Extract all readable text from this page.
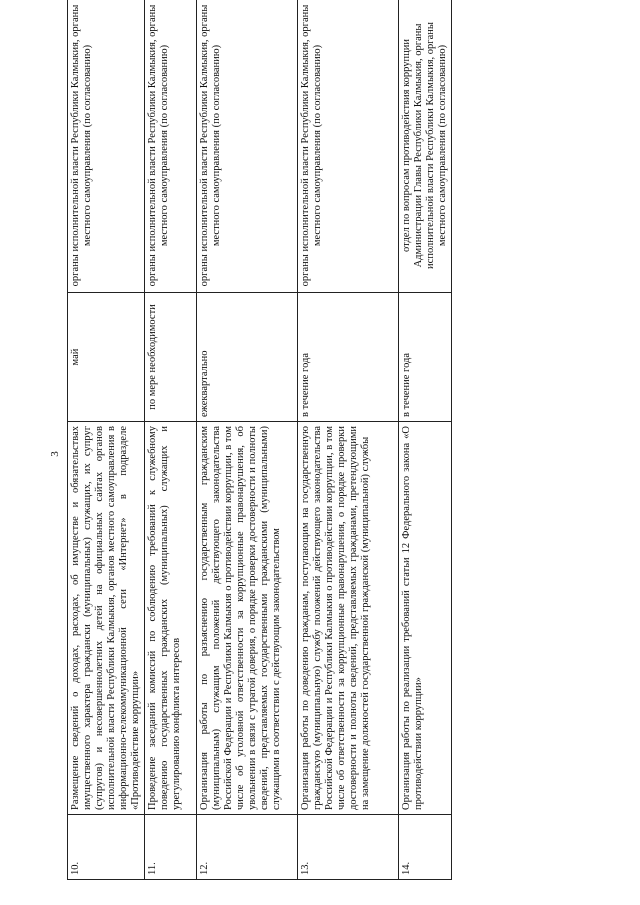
3
10.	Размещение сведений о доходах, расходах, об имуществе и обязательствах имущественного характера граждански (муниципальных) служащих, их супруг (супругов) и несовершеннолетних детей на официальных сайтах органов исполнительной власти Республики Калмыкия, органов местного самоуправления в информационно-телекоммуникационной сети «Интернет» в подразделе «Противодействие коррупции»	май	органы исполнительной власти Республики Калмыкия, органы местного самоуправления (по согласованию)
11.	Проведение заседаний комиссий по соблюдению требований к служебному поведению государственных гражданских (муниципальных) служащих и урегулированию конфликта интересов	по мере необходимости	органы исполнительной власти Республики Калмыкия, органы местного самоуправления (по согласованию)
12.	Организация работы по разъяснению государственным гражданским (муниципальным) служащим положений действующего законодательства Российской Федерации и Республики Калмыкия о противодействии коррупции, в том числе об уголовной ответственности за коррупционные правонарушения, об увольнении в связи с утратой доверия, о порядке проверки достоверности и полноты сведений, представляемых государственными гражданскими (муниципальными) служащими в соответствии с действующим законодательством	ежеквартально	органы исполнительной власти Республики Калмыкия, органы местного самоуправления (по согласованию)
13.	Организация работы по доведению гражданам, поступающим на государственную гражданскую (муниципальную) службу положений действующего законодательства Российской Федерации и Республики Калмыкия о противодействии коррупции, в том числе об ответственности за коррупционные правонарушения, о порядке проверки достоверности и полноты сведений, представляемых гражданами, претендующими на замещение должностей государственной гражданской (муниципальной) службы	в течение года	органы исполнительной власти Республики Калмыкия, органы местного самоуправления (по согласованию)
14.	Организация работы по реализации требований статьи 12 Федерального закона «О противодействии коррупции»	в течение года	отдел по вопросам противодействия коррупции Администрации Главы Республики Калмыкия, органы исполнительной власти Республики Калмыкия, органы местного самоуправления (по согласованию)
